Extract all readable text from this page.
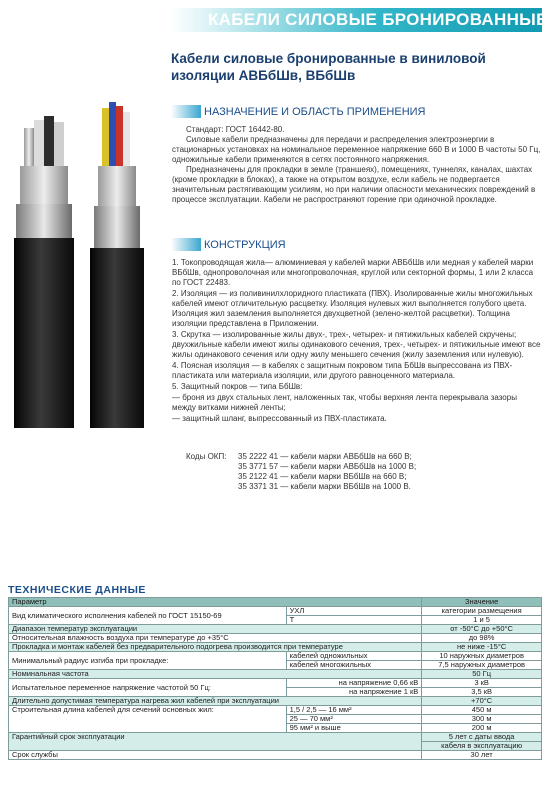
КАБЕЛИ СИЛОВЫЕ БРОНИРОВАННЫЕ
Кабели силовые бронированные в виниловой изоляции АВБбШв, ВБбШв
НАЗНАЧЕНИЕ И ОБЛАСТЬ ПРИМЕНЕНИЯ

Стандарт: ГОСТ 16442-80.

Силовые кабели предназначены для передачи и распределения электроэнергии в стационарных установках на номинальное переменное напряжение 660 В и 1000 В частоты 50 Гц, одножильные кабели применяются в сетях постоянного напряжения.

Предназначены для прокладки в земле (траншеях), помещениях, туннелях, каналах, шахтах (кроме прокладки в блоках), а также на открытом воздухе, если кабель не подвергается значительным растягивающим усилиям, но при наличии опасности механических повреждений в процессе эксплуатации. Кабели не распространяют горение при одиночной прокладке.

КОНСТРУКЦИЯ
1. Токопроводящая жила— алюминиевая у кабелей марки АВБбШв или медная у кабелей марки ВБбШв, однопроволочная или многопроволочная, круглой или секторной формы, 1 или 2 класса по ГОСТ 22483.
2. Изоляция — из поливинилхлоридного пластиката (ПВХ). Изолированные жилы многожильных кабелей имеют отличительную расцветку. Изоляция нулевых жил выполняется голубого цвета. Изоляция жил заземления выполняется двухцветной (зелено-желтой расцветки). Толщина изоляции представлена в Приложении.
3. Скрутка — изолированные жилы двух-, трех-, четырех- и пятижильных кабелей скручены; двухжильные кабели имеют жилы одинакового сечения, трех-, четырех- и пятижильные имеют все жилы одинакового сечения или одну жилу меньшего сечения (жилу заземления или нулевую).
4. Поясная изоляция — в кабелях с защитным покровом типа БбШв выпрессована из ПВХ-пластиката или материала изоляции, или другого равноценного материала.
5. Защитный покров — типа БбШв:
— броня из двух стальных лент, наложенных так, чтобы верхняя лента перекрывала зазоры между витками нижней ленты;
— защитный шланг, выпрессованный из ПВХ-пластиката.
Коды ОКП: 35 2222 41 — кабели марки АВБбШв на 660 В;
35 3771 57 — кабели марки АВБбШв на 1000 В;
35 2122 41 — кабели марки ВБбШв на 660 В;
35 3371 31 — кабели марки ВБбШв на 1000 В.
ТЕХНИЧЕСКИЕ ДАННЫЕ
Параметр		Значение
Вид климатического исполнения кабелей по ГОСТ 15150-69	УХЛ	категории размещения
	Т	1 и 5
Диапазон температур эксплуатации		от -50°С до +50°С
Относительная влажность воздуха при температуре до +35°С		до 98%
Прокладка и монтаж кабелей без предварительного подогрева производится при температуре		не ниже -15°С
Минимальный радиус изгиба при прокладке:	кабелей одножильных	10 наружных диаметров
	кабелей многожильных	7,5 наружных диаметров
Номинальная частота		50 Гц
Испытательное переменное напряжение частотой 50 Гц:	на напряжение 0,66 кВ	3 кВ
	на напряжение 1 кВ	3,5 кВ
Длительно допустимая температура нагрева жил кабелей при эксплуатации		+70°С
Строительная длина кабелей для сечений основных жил:	1,5 / 2,5 — 16 мм²	450 м
	25 — 70 мм²	300 м
	95 мм² и выше	200 м
Гарантийный срок эксплуатации		5 лет с даты ввода
		кабеля в эксплуатацию
Срок службы		30 лет
